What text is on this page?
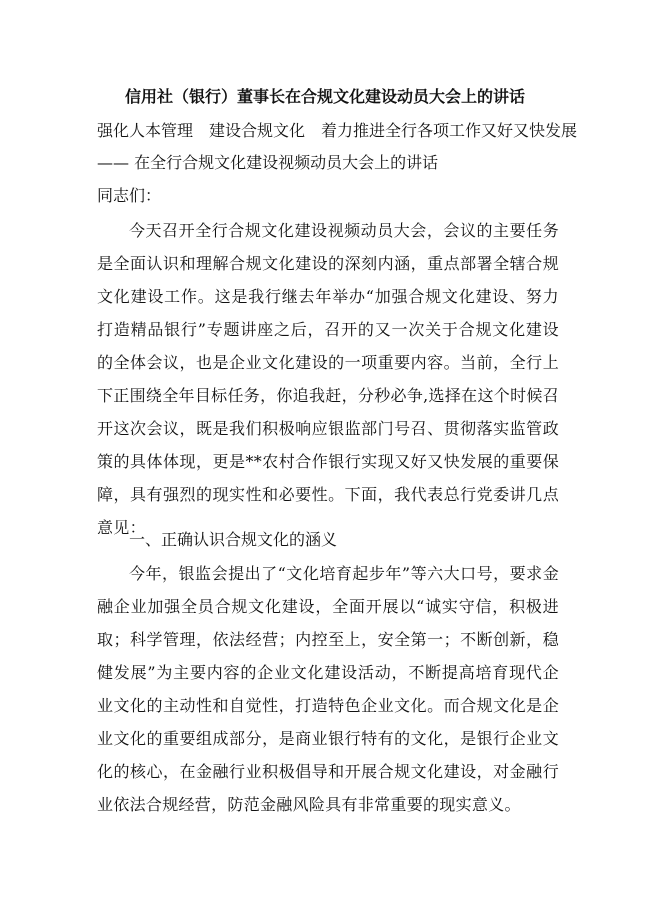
信用社（银行）董事长在合规文化建设动员大会上的讲话
强化人本管理 建设合规文化 着力推进全行各项工作又好又快发展
—— 在全行合规文化建设视频动员大会上的讲话
同志们：

今天召开全行合规文化建设视频动员大会，会议的主要任务是全面认识和理解合规文化建设的深刻内涵，重点部署全辖合规文化建设工作。这是我行继去年举办“加强合规文化建设、努力打造精品银行”专题讲座之后，召开的又一次关于合规文化建设的全体会议，也是企业文化建设的一项重要内容。当前，全行上下正围绕全年目标任务，你追我赶，分秒必争,选择在这个时候召开这次会议，既是我们积极响应银监部门号召、贯彻落实监管政策的具体体现，更是**农村合作银行实现又好又快发展的重要保障，具有强烈的现实性和必要性。下面，我代表总行党委讲几点意见：

一、正确认识合规文化的涵义

今年，银监会提出了“文化培育起步年”等六大口号，要求金融企业加强全员合规文化建设，全面开展以“诚实守信，积极进取；科学管理，依法经营；内控至上，安全第一；不断创新，稳健发展”为主要内容的企业文化建设活动，不断提高培育现代企业文化的主动性和自觉性，打造特色企业文化。而合规文化是企业文化的重要组成部分，是商业银行特有的文化，是银行企业文化的核心，在金融行业积极倡导和开展合规文化建设，对金融行业依法合规经营，防范金融风险具有非常重要的现实意义。
